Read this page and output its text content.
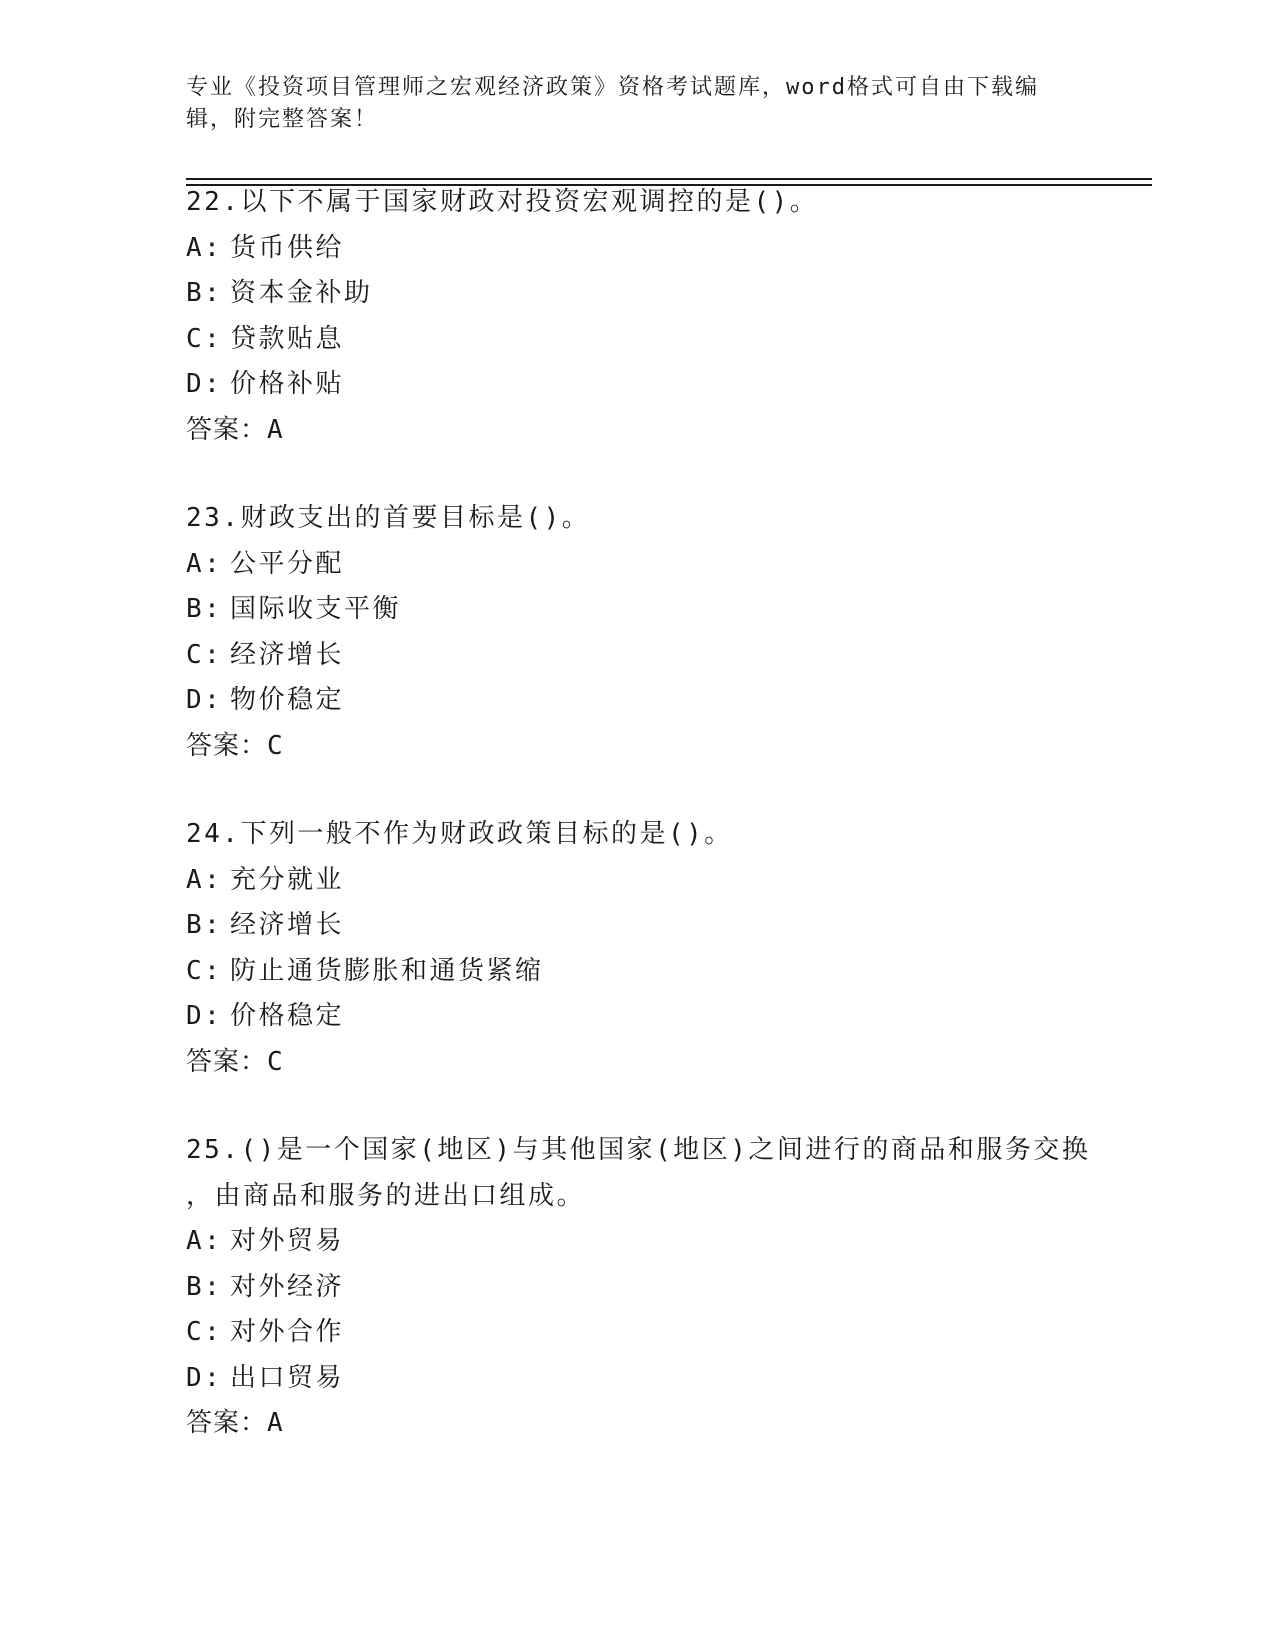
专业《投资项目管理师之宏观经济政策》资格考试题库，word格式可自由下载编
辑，附完整答案！
22.以下不属于国家财政对投资宏观调控的是()。
A: 货币供给
B: 资本金补助
C: 贷款贴息
D: 价格补贴
答案：A
23.财政支出的首要目标是()。
A: 公平分配
B: 国际收支平衡
C: 经济增长
D: 物价稳定
答案：C
24.下列一般不作为财政政策目标的是()。
A: 充分就业
B: 经济增长
C: 防止通货膨胀和通货紧缩
D: 价格稳定
答案：C
25.()是一个国家(地区)与其他国家(地区)之间进行的商品和服务交换
，由商品和服务的进出口组成。
A: 对外贸易
B: 对外经济
C: 对外合作
D: 出口贸易
答案：A
